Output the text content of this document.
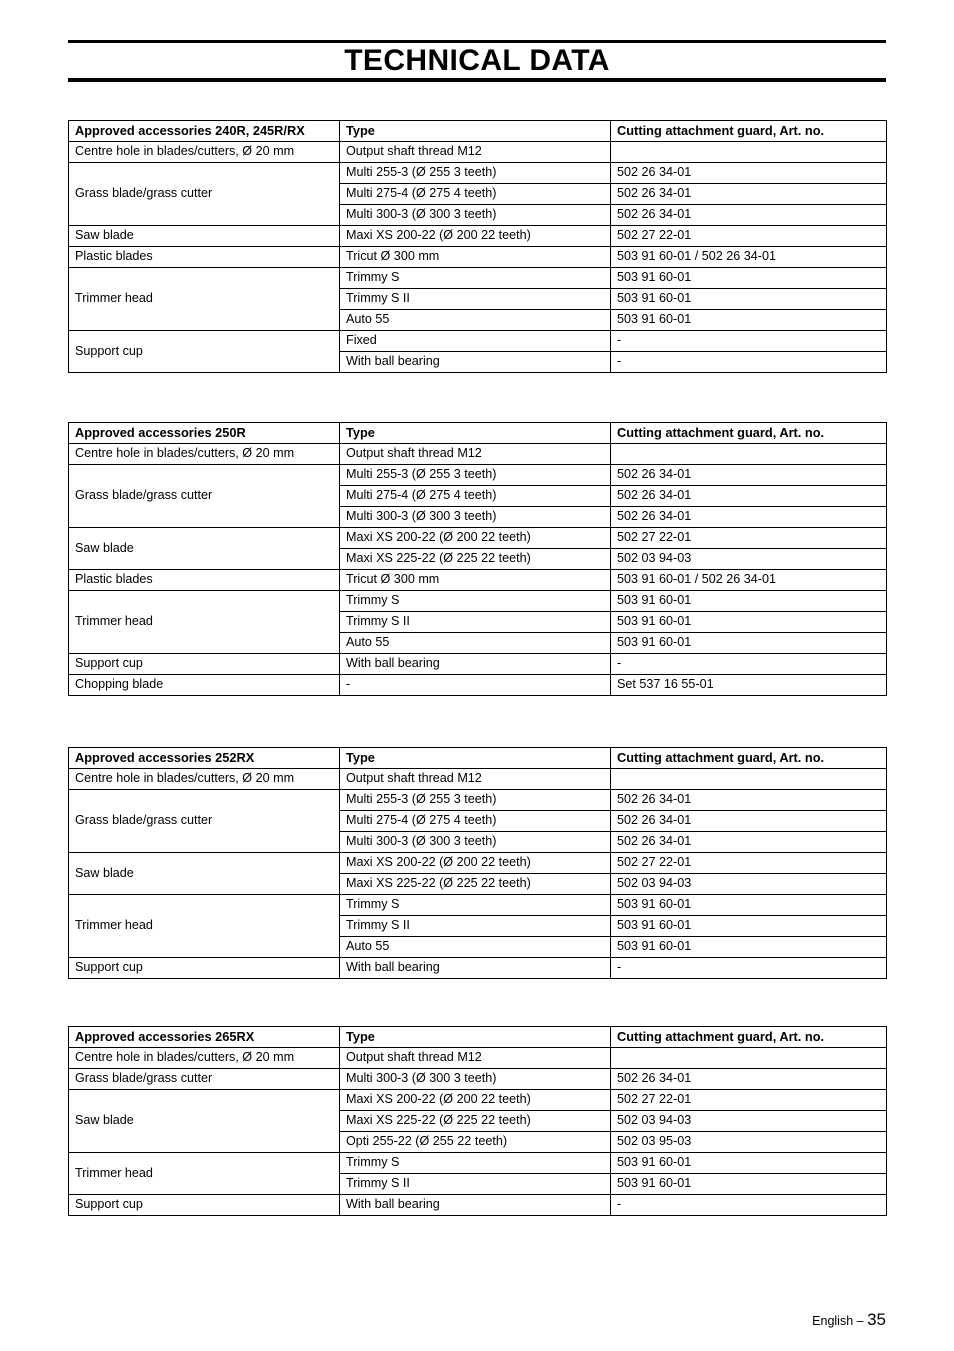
TECHNICAL DATA
Approved accessories 240R, 245R/RX	Type	Cutting attachment guard, Art. no.
Centre hole in blades/cutters, Ø 20 mm	Output shaft thread M12	
Grass blade/grass cutter	Multi 255-3 (Ø 255 3 teeth)	502 26 34-01
	Multi 275-4 (Ø 275 4 teeth)	502 26 34-01
	Multi 300-3 (Ø 300 3 teeth)	502 26 34-01
Saw blade	Maxi XS 200-22 (Ø 200 22 teeth)	502 27 22-01
Plastic blades	Tricut Ø 300 mm	503 91 60-01 / 502 26 34-01
Trimmer head	Trimmy S	503 91 60-01
	Trimmy S II	503 91 60-01
	Auto 55	503 91 60-01
Support cup	Fixed	-
	With ball bearing	-
Approved accessories 250R	Type	Cutting attachment guard, Art. no.
Centre hole in blades/cutters, Ø 20 mm	Output shaft thread M12	
Grass blade/grass cutter	Multi 255-3 (Ø 255 3 teeth)	502 26 34-01
	Multi 275-4 (Ø 275 4 teeth)	502 26 34-01
	Multi 300-3 (Ø 300 3 teeth)	502 26 34-01
Saw blade	Maxi XS 200-22 (Ø 200 22 teeth)	502 27 22-01
	Maxi XS 225-22 (Ø 225 22 teeth)	502 03 94-03
Plastic blades	Tricut Ø 300 mm	503 91 60-01 / 502 26 34-01
Trimmer head	Trimmy S	503 91 60-01
	Trimmy S II	503 91 60-01
	Auto 55	503 91 60-01
Support cup	With ball bearing	-
Chopping blade	-	Set 537 16 55-01
Approved accessories 252RX	Type	Cutting attachment guard, Art. no.
Centre hole in blades/cutters, Ø 20 mm	Output shaft thread M12	
Grass blade/grass cutter	Multi 255-3 (Ø 255 3 teeth)	502 26 34-01
	Multi 275-4 (Ø 275 4 teeth)	502 26 34-01
	Multi 300-3 (Ø 300 3 teeth)	502 26 34-01
Saw blade	Maxi XS 200-22 (Ø 200 22 teeth)	502 27 22-01
	Maxi XS 225-22 (Ø 225 22 teeth)	502 03 94-03
Trimmer head	Trimmy S	503 91 60-01
	Trimmy S II	503 91 60-01
	Auto 55	503 91 60-01
Support cup	With ball bearing	-
Approved accessories 265RX	Type	Cutting attachment guard, Art. no.
Centre hole in blades/cutters, Ø 20 mm	Output shaft thread M12	
Grass blade/grass cutter	Multi 300-3 (Ø 300 3 teeth)	502 26 34-01
Saw blade	Maxi XS 200-22 (Ø 200 22 teeth)	502 27 22-01
	Maxi XS 225-22 (Ø 225 22 teeth)	502 03 94-03
	Opti 255-22 (Ø 255 22 teeth)	502 03 95-03
Trimmer head	Trimmy S	503 91 60-01
	Trimmy S II	503 91 60-01
Support cup	With ball bearing	-
English – 35
